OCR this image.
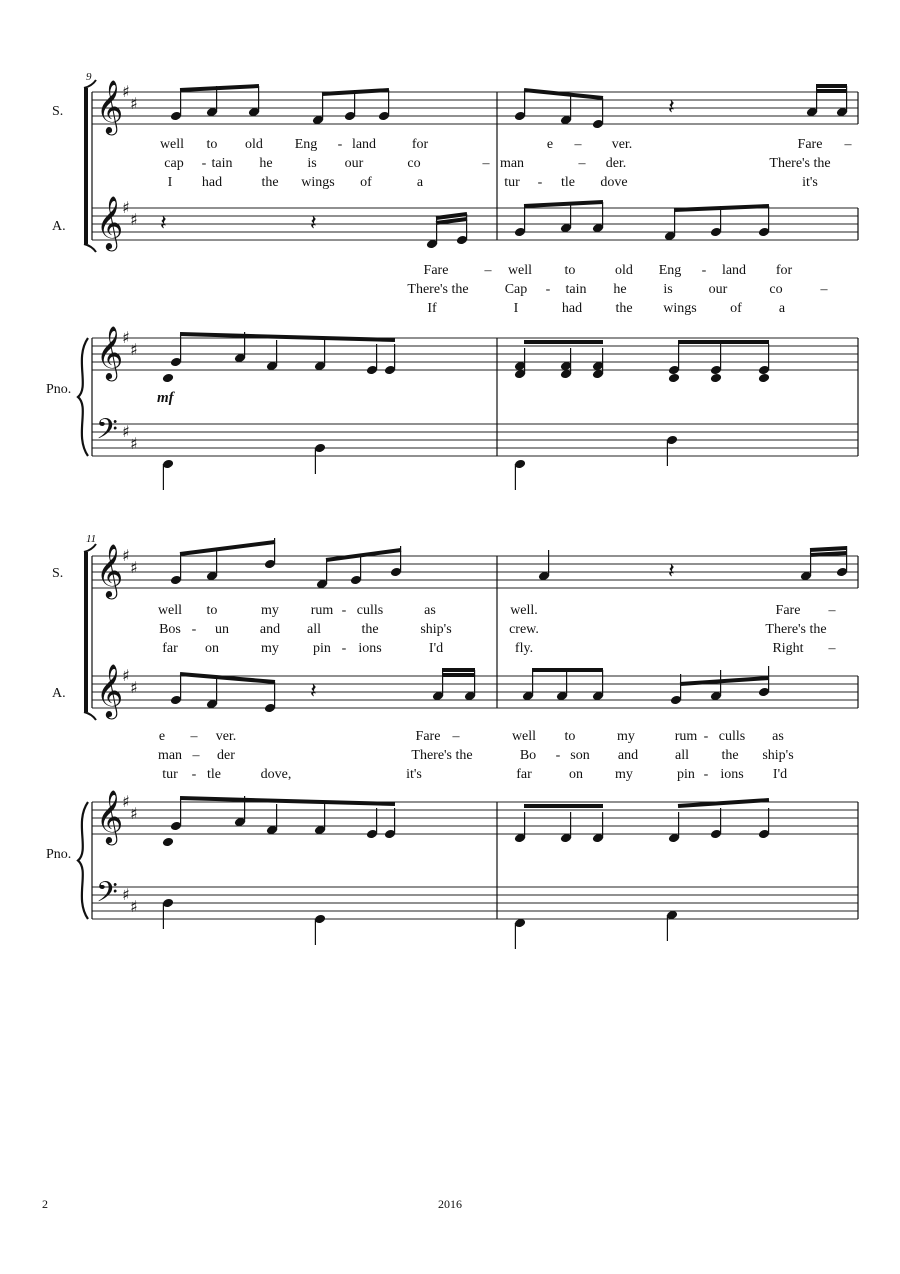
𝄞
♯
♯
𝄞
♯
♯
𝄞
♯
♯
𝄢 ♯
♯
𝄽
𝄽	𝄽
𝄞
♯
♯
𝄞
♯
♯
𝄞
♯
♯
𝄢 ♯
♯
𝄽
𝄽
9
11
S.
A.
Pno.
S.
A.
Pno.
mf
well to old Eng - land	for	e – ver.	Fare –
cap - tain he is our	co	– man	– der.	There's the
I had	the wings of	a	tur - tle dove	it's
Fare	– well to	old Eng - land for
There's the	Cap - tain he	is	our	co	–
If	I	had the wings of	a
well to	my rum - culls	as	well.	Fare –
Bos - un and all	the	ship's	crew.	There's the
far on	my pin - ions	I'd	fly.	Right –
e – ver.	Fare –	well to	my	rum - culls as
man – der	There's the	Bo - son and	all the ship's
tur - tle	dove,	it's	far	on my	pin - ions I'd
2	2016
